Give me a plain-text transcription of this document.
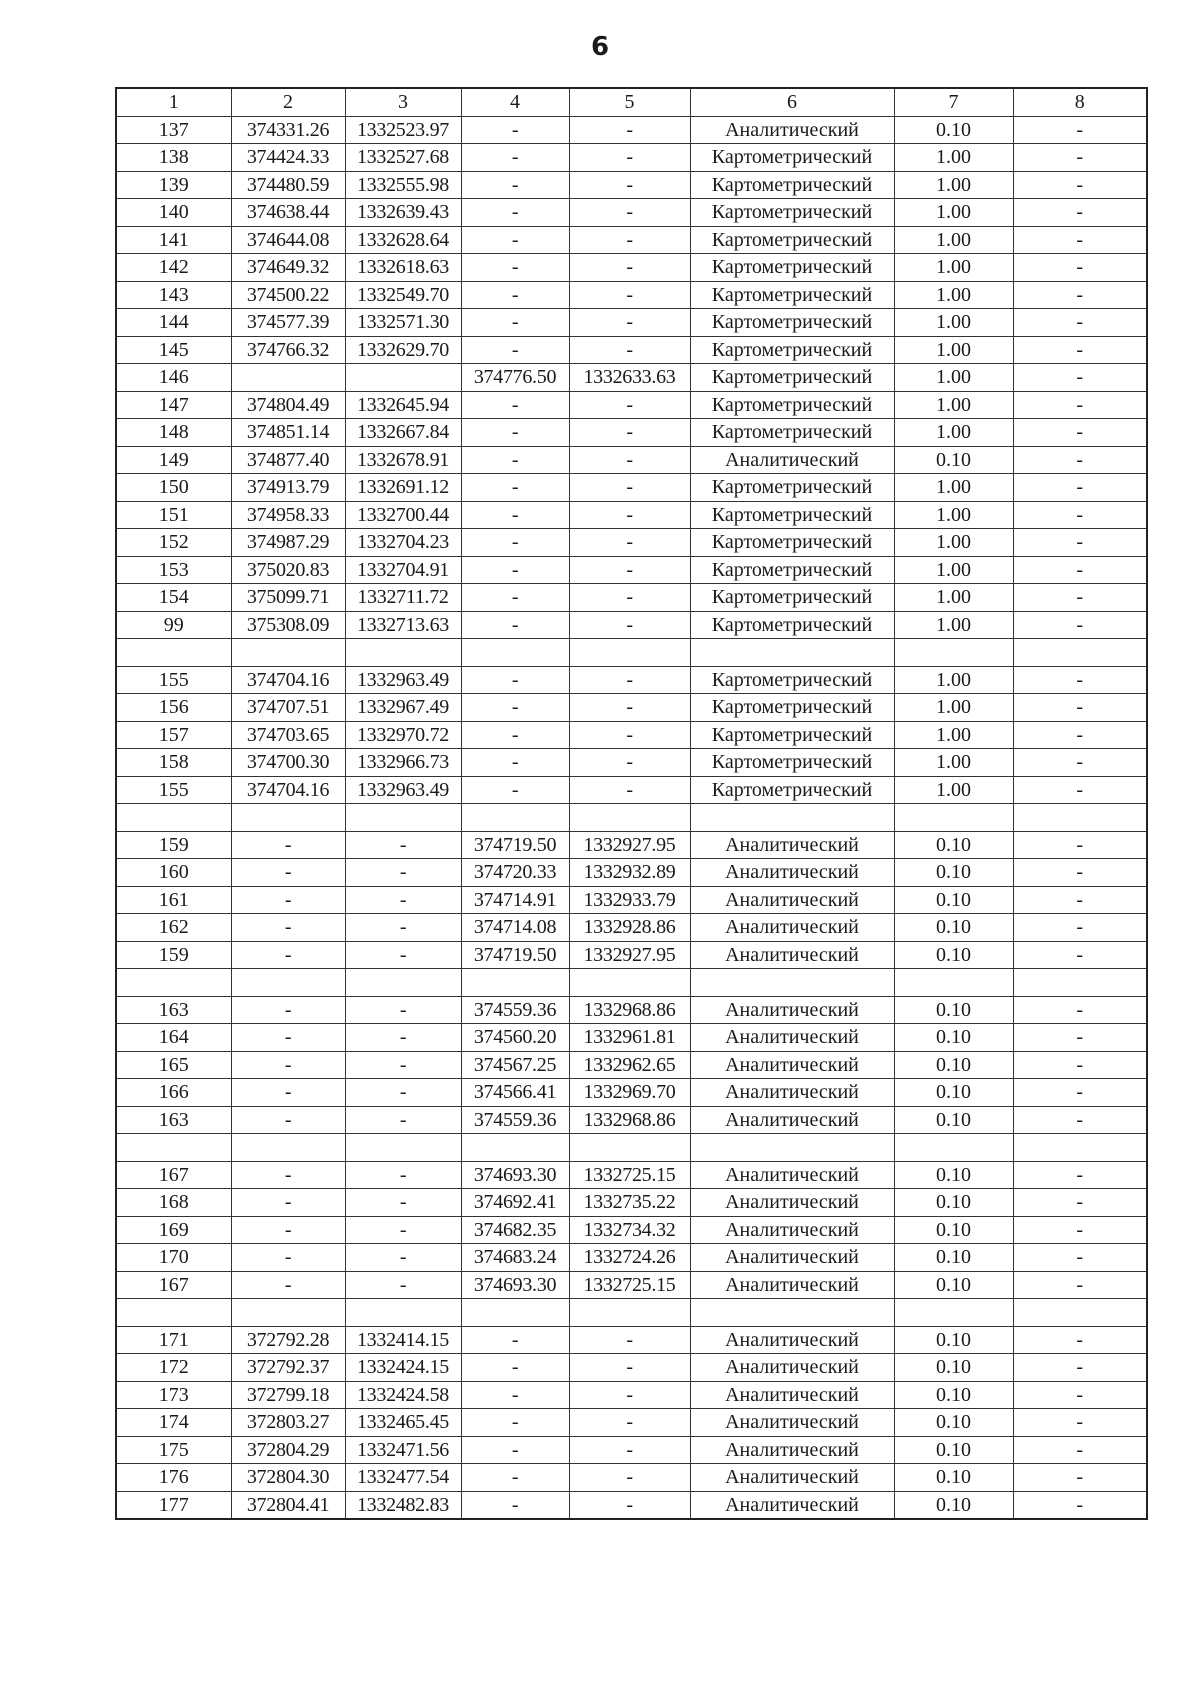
6
1	2	3	4	5	6	7	8
137	374331.26	1332523.97	-	-	Аналитический	0.10	-
138	374424.33	1332527.68	-	-	Картометрический	1.00	-
139	374480.59	1332555.98	-	-	Картометрический	1.00	-
140	374638.44	1332639.43	-	-	Картометрический	1.00	-
141	374644.08	1332628.64	-	-	Картометрический	1.00	-
142	374649.32	1332618.63	-	-	Картометрический	1.00	-
143	374500.22	1332549.70	-	-	Картометрический	1.00	-
144	374577.39	1332571.30	-	-	Картометрический	1.00	-
145	374766.32	1332629.70	-	-	Картометрический	1.00	-
146			374776.50	1332633.63	Картометрический	1.00	-
147	374804.49	1332645.94	-	-	Картометрический	1.00	-
148	374851.14	1332667.84	-	-	Картометрический	1.00	-
149	374877.40	1332678.91	-	-	Аналитический	0.10	-
150	374913.79	1332691.12	-	-	Картометрический	1.00	-
151	374958.33	1332700.44	-	-	Картометрический	1.00	-
152	374987.29	1332704.23	-	-	Картометрический	1.00	-
153	375020.83	1332704.91	-	-	Картометрический	1.00	-
154	375099.71	1332711.72	-	-	Картометрический	1.00	-
99	375308.09	1332713.63	-	-	Картометрический	1.00	-

155	374704.16	1332963.49	-	-	Картометрический	1.00	-
156	374707.51	1332967.49	-	-	Картометрический	1.00	-
157	374703.65	1332970.72	-	-	Картометрический	1.00	-
158	374700.30	1332966.73	-	-	Картометрический	1.00	-
155	374704.16	1332963.49	-	-	Картометрический	1.00	-

159	-	-	374719.50	1332927.95	Аналитический	0.10	-
160	-	-	374720.33	1332932.89	Аналитический	0.10	-
161	-	-	374714.91	1332933.79	Аналитический	0.10	-
162	-	-	374714.08	1332928.86	Аналитический	0.10	-
159	-	-	374719.50	1332927.95	Аналитический	0.10	-

163	-	-	374559.36	1332968.86	Аналитический	0.10	-
164	-	-	374560.20	1332961.81	Аналитический	0.10	-
165	-	-	374567.25	1332962.65	Аналитический	0.10	-
166	-	-	374566.41	1332969.70	Аналитический	0.10	-
163	-	-	374559.36	1332968.86	Аналитический	0.10	-

167	-	-	374693.30	1332725.15	Аналитический	0.10	-
168	-	-	374692.41	1332735.22	Аналитический	0.10	-
169	-	-	374682.35	1332734.32	Аналитический	0.10	-
170	-	-	374683.24	1332724.26	Аналитический	0.10	-
167	-	-	374693.30	1332725.15	Аналитический	0.10	-

171	372792.28	1332414.15	-	-	Аналитический	0.10	-
172	372792.37	1332424.15	-	-	Аналитический	0.10	-
173	372799.18	1332424.58	-	-	Аналитический	0.10	-
174	372803.27	1332465.45	-	-	Аналитический	0.10	-
175	372804.29	1332471.56	-	-	Аналитический	0.10	-
176	372804.30	1332477.54	-	-	Аналитический	0.10	-
177	372804.41	1332482.83	-	-	Аналитический	0.10	-
